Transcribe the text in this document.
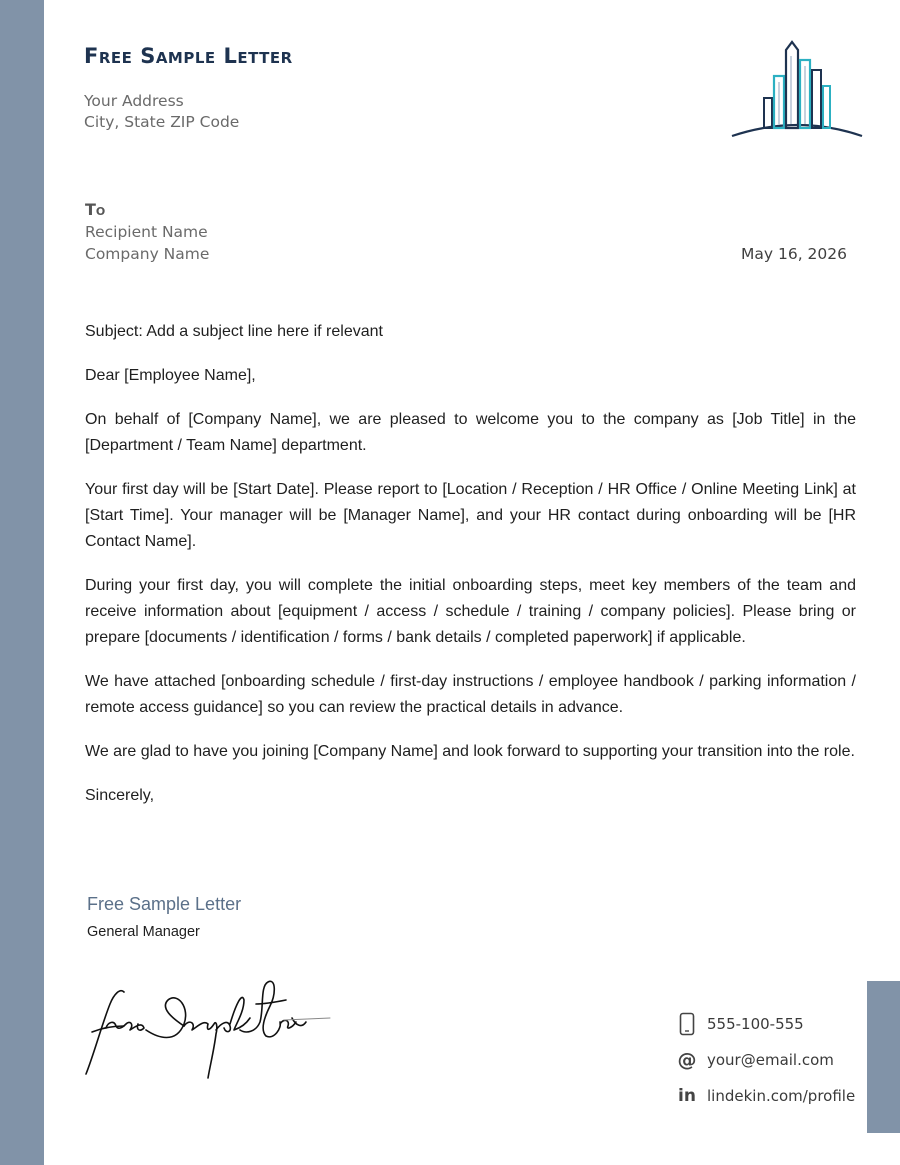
Free Sample Letter
Your Address
City, State ZIP Code
To
Recipient Name
Company Name	May 16, 2026

Subject: Add a subject line here if relevant

Dear [Employee Name],

On behalf of [Company Name], we are pleased to welcome you to the company as [Job Title] in the [Department / Team Name] department.

Your first day will be [Start Date]. Please report to [Location / Reception / HR Office / Online Meeting Link] at [Start Time]. Your manager will be [Manager Name], and your HR contact during onboarding will be [HR Contact Name].

During your first day, you will complete the initial onboarding steps, meet key members of the team and receive information about [equipment / access / schedule / training / company policies]. Please bring or prepare [documents / identification / forms / bank details / completed paperwork] if applicable.

We have attached [onboarding schedule / first-day instructions / employee handbook / parking information / remote access guidance] so you can review the practical details in advance.

We are glad to have you joining [Company Name] and look forward to supporting your transition into the role.

Sincerely,

Free Sample Letter
General Manager
555-100-555
@ your@email.com
in lindekin.com/profile
